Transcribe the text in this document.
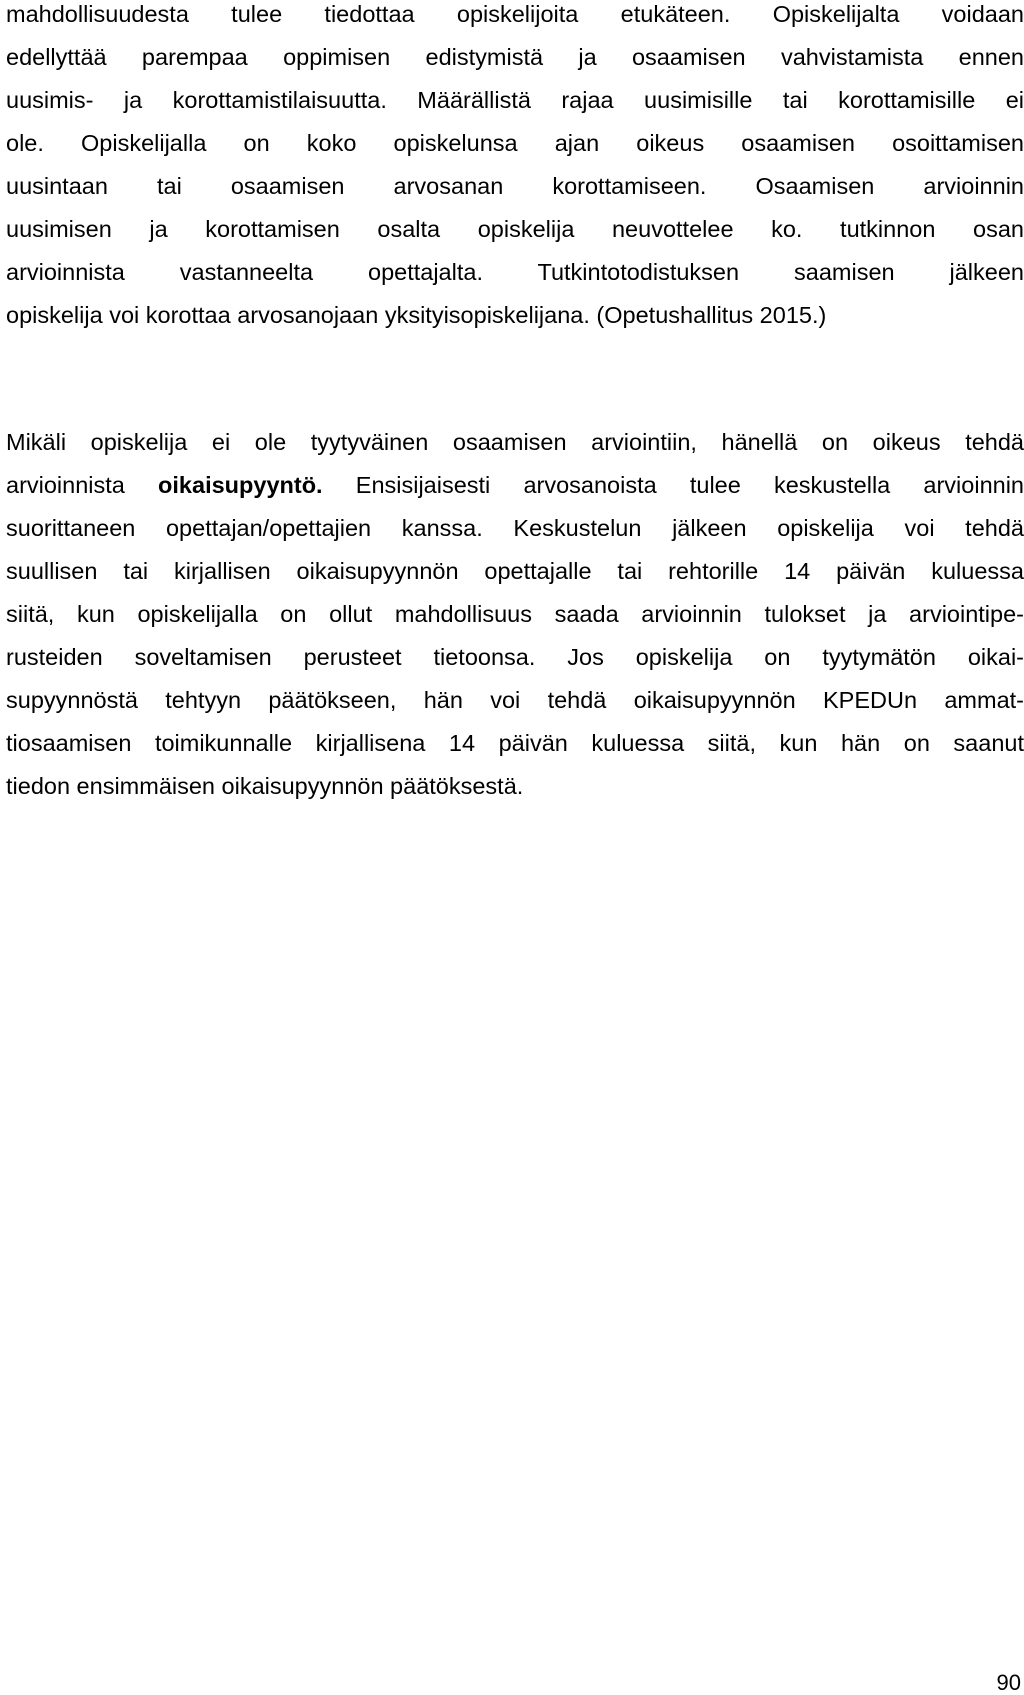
mahdollisuudesta tulee tiedottaa opiskelijoita etukäteen. Opiskelijalta voidaan
edellyttää parempaa oppimisen edistymistä ja osaamisen vahvistamista ennen
uusimis- ja korottamistilaisuutta. Määrällistä rajaa uusimisille tai korottamisille ei
ole. Opiskelijalla on koko opiskelunsa ajan oikeus osaamisen osoittamisen
uusintaan tai osaamisen arvosanan korottamiseen. Osaamisen arvioinnin
uusimisen ja korottamisen osalta opiskelija neuvottelee ko. tutkinnon osan
arvioinnista vastanneelta opettajalta. Tutkintotodistuksen saamisen jälkeen
opiskelija voi korottaa arvosanojaan yksityisopiskelijana. (Opetushallitus 2015.)
Mikäli opiskelija ei ole tyytyväinen osaamisen arviointiin, hänellä on oikeus tehdä
arvioinnista oikaisupyyntö. Ensisijaisesti arvosanoista tulee keskustella arvioinnin
suorittaneen opettajan/opettajien kanssa. Keskustelun jälkeen opiskelija voi tehdä
suullisen tai kirjallisen oikaisupyynnön opettajalle tai rehtorille 14 päivän kuluessa
siitä, kun opiskelijalla on ollut mahdollisuus saada arvioinnin tulokset ja arviointipe-
rusteiden soveltamisen perusteet tietoonsa. Jos opiskelija on tyytymätön oikai-
supyynnöstä tehtyyn päätökseen, hän voi tehdä oikaisupyynnön KPEDUn ammat-
tiosaamisen toimikunnalle kirjallisena 14 päivän kuluessa siitä, kun hän on saanut
tiedon ensimmäisen oikaisupyynnön päätöksestä.
90
